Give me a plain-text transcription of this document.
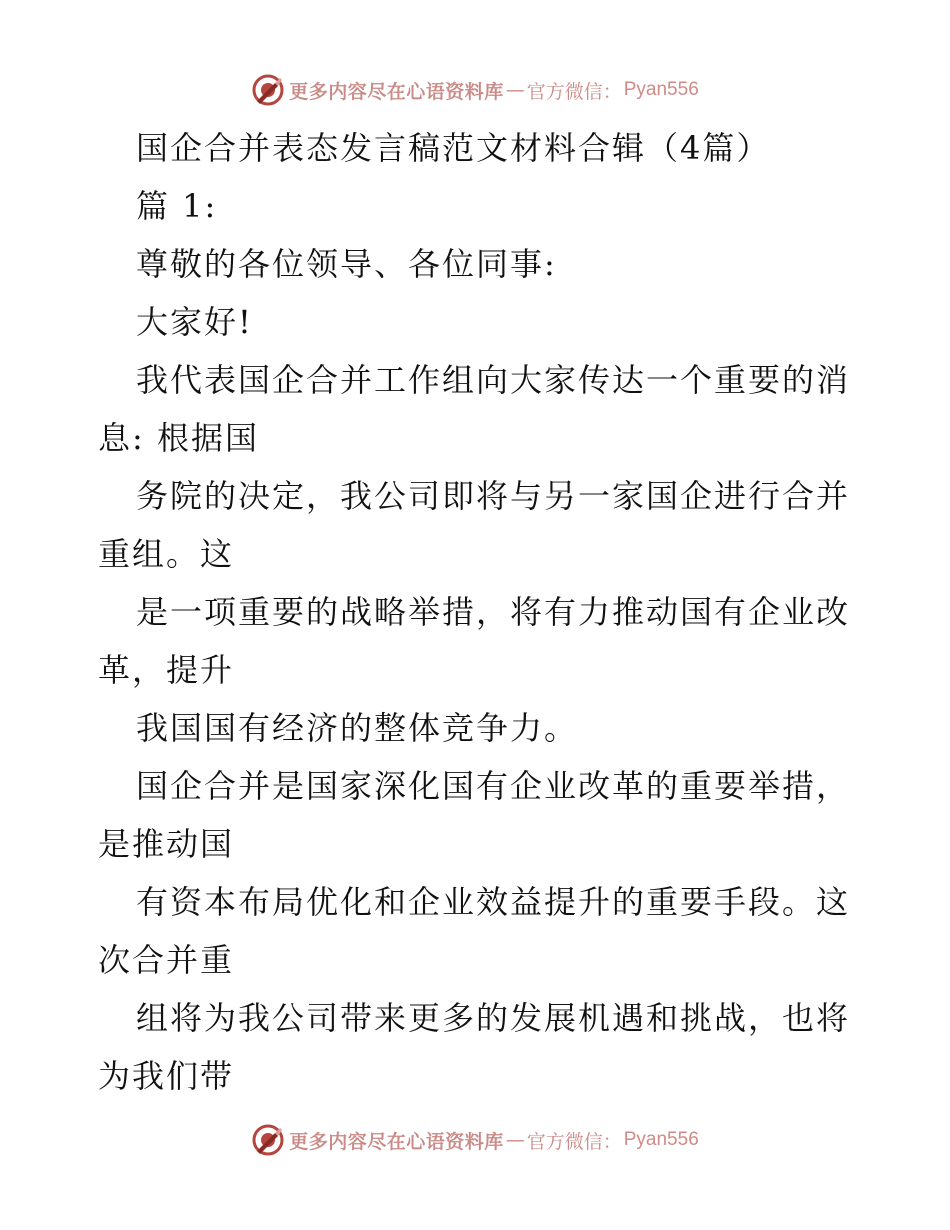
更多内容尽在心语资料库 — 官方微信： Pyan556
国企合并表态发言稿范文材料合辑（4篇）
篇 1:
尊敬的各位领导、各位同事:
大家好!
我代表国企合并工作组向大家传达一个重要的消
息: 根据国
务院的决定，我公司即将与另一家国企进行合并
重组。这
是一项重要的战略举措，将有力推动国有企业改
革，提升
我国国有经济的整体竞争力。
国企合并是国家深化国有企业改革的重要举措，
是推动国
有资本布局优化和企业效益提升的重要手段。这
次合并重
组将为我公司带来更多的发展机遇和挑战，也将
为我们带
更多内容尽在心语资料库 — 官方微信： Pyan556
